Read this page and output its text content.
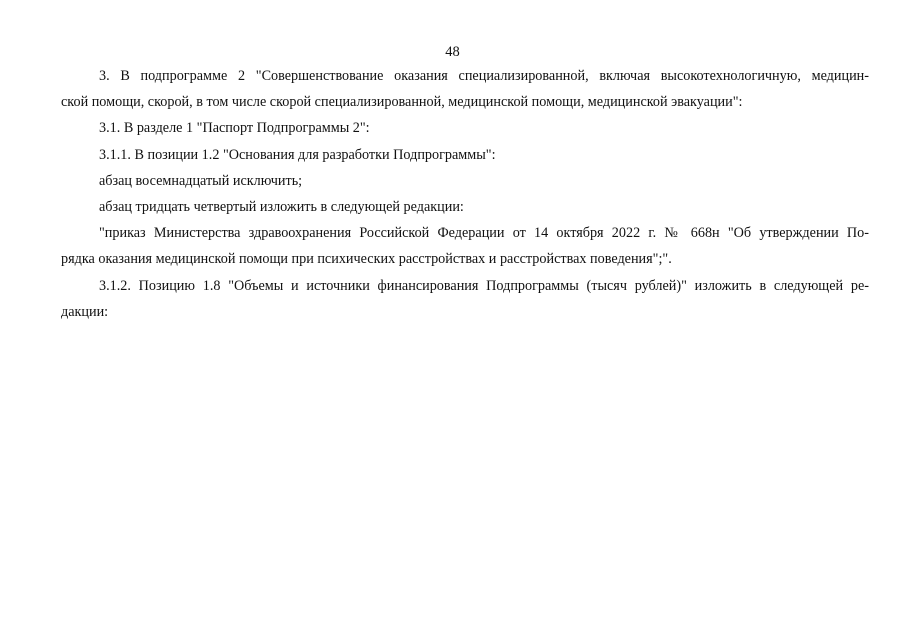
48
3. В подпрограмме 2 "Совершенствование оказания специализированной, включая высокотехнологичную, медицин-
ской помощи, скорой, в том числе скорой специализированной, медицинской помощи, медицинской эвакуации":
3.1. В разделе 1 "Паспорт Подпрограммы 2":
3.1.1. В позиции 1.2 "Основания для разработки Подпрограммы":
абзац восемнадцатый исключить;
абзац тридцать четвертый изложить в следующей редакции:
"приказ Министерства здравоохранения Российской Федерации от 14 октября 2022 г. № 668н "Об утверждении По-
рядка оказания медицинской помощи при психических расстройствах и расстройствах поведения";".
3.1.2. Позицию 1.8 "Объемы и источники финансирования Подпрограммы (тысяч рублей)" изложить в следующей ре-
дакции:
